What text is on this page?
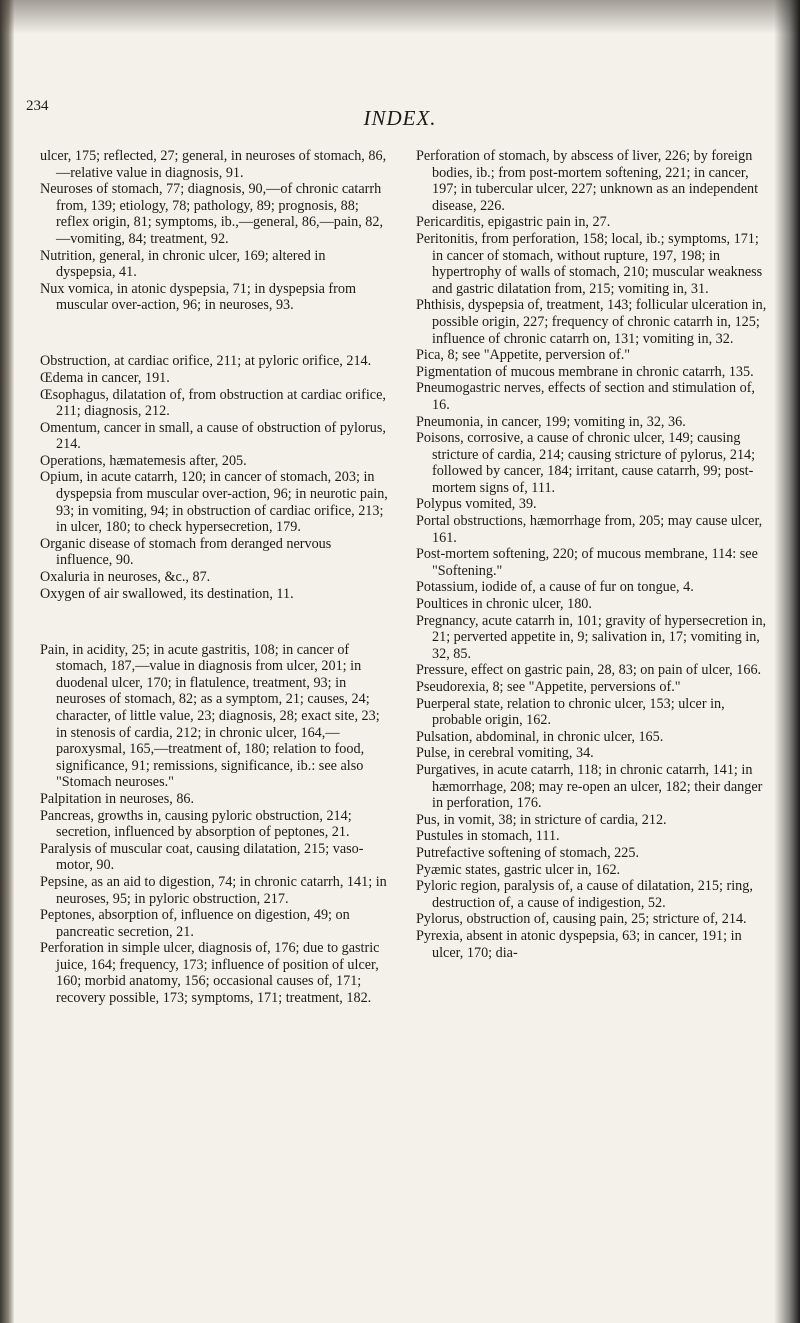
234	INDEX.

ulcer, 175; reflected, 27; general, in neuroses of stomach, 86,—relative value in diagnosis, 91.

Neuroses of stomach, 77; diagnosis, 90,—of chronic catarrh from, 139; etiology, 78; pathology, 89; prognosis, 88; reflex origin, 81; symptoms, ib.,—general, 86,—pain, 82,—vomiting, 84; treatment, 92.

Nutrition, general, in chronic ulcer, 169; altered in dyspepsia, 41.

Nux vomica, in atonic dyspepsia, 71; in dyspepsia from muscular over-action, 96; in neuroses, 93.

Obstruction, at cardiac orifice, 211; at pyloric orifice, 214.

Œdema in cancer, 191.

Œsophagus, dilatation of, from obstruction at cardiac orifice, 211; diagnosis, 212.

Omentum, cancer in small, a cause of obstruction of pylorus, 214.

Operations, hæmatemesis after, 205.

Opium, in acute catarrh, 120; in cancer of stomach, 203; in dyspepsia from muscular over-action, 96; in neurotic pain, 93; in vomiting, 94; in obstruction of cardiac orifice, 213; in ulcer, 180; to check hypersecretion, 179.

Organic disease of stomach from deranged nervous influence, 90.

Oxaluria in neuroses, &c., 87.

Oxygen of air swallowed, its destination, 11.

Pain, in acidity, 25; in acute gastritis, 108; in cancer of stomach, 187,—value in diagnosis from ulcer, 201; in duodenal ulcer, 170; in flatulence, treatment, 93; in neuroses of stomach, 82; as a symptom, 21; causes, 24; character, of little value, 23; diagnosis, 28; exact site, 23; in stenosis of cardia, 212; in chronic ulcer, 164,—paroxysmal, 165,—treatment of, 180; relation to food, significance, 91; remissions, significance, ib.: see also "Stomach neuroses."

Palpitation in neuroses, 86.

Pancreas, growths in, causing pyloric obstruction, 214; secretion, influenced by absorption of peptones, 21.

Paralysis of muscular coat, causing dilatation, 215; vaso-motor, 90.

Pepsine, as an aid to digestion, 74; in chronic catarrh, 141; in neuroses, 95; in pyloric obstruction, 217.

Peptones, absorption of, influence on digestion, 49; on pancreatic secretion, 21.

Perforation in simple ulcer, diagnosis of, 176; due to gastric juice, 164; frequency, 173; influence of position of ulcer, 160; morbid anatomy, 156; occasional causes of, 171; recovery possible, 173; symptoms, 171; treatment, 182.

Perforation of stomach, by abscess of liver, 226; by foreign bodies, ib.; from post-mortem softening, 221; in cancer, 197; in tubercular ulcer, 227; unknown as an independent disease, 226.

Pericarditis, epigastric pain in, 27.

Peritonitis, from perforation, 158; local, ib.; symptoms, 171; in cancer of stomach, without rupture, 197, 198; in hypertrophy of walls of stomach, 210; muscular weakness and gastric dilatation from, 215; vomiting in, 31.

Phthisis, dyspepsia of, treatment, 143; follicular ulceration in, possible origin, 227; frequency of chronic catarrh in, 125; influence of chronic catarrh on, 131; vomiting in, 32.

Pica, 8; see "Appetite, perversion of."

Pigmentation of mucous membrane in chronic catarrh, 135.

Pneumogastric nerves, effects of section and stimulation of, 16.

Pneumonia, in cancer, 199; vomiting in, 32, 36.

Poisons, corrosive, a cause of chronic ulcer, 149; causing stricture of cardia, 214; causing stricture of pylorus, 214; followed by cancer, 184; irritant, cause catarrh, 99; post-mortem signs of, 111.

Polypus vomited, 39.

Portal obstructions, hæmorrhage from, 205; may cause ulcer, 161.

Post-mortem softening, 220; of mucous membrane, 114: see "Softening."

Potassium, iodide of, a cause of fur on tongue, 4.

Poultices in chronic ulcer, 180.

Pregnancy, acute catarrh in, 101; gravity of hypersecretion in, 21; perverted appetite in, 9; salivation in, 17; vomiting in, 32, 85.

Pressure, effect on gastric pain, 28, 83; on pain of ulcer, 166.

Pseudorexia, 8; see "Appetite, perversions of."

Puerperal state, relation to chronic ulcer, 153; ulcer in, probable origin, 162.

Pulsation, abdominal, in chronic ulcer, 165.

Pulse, in cerebral vomiting, 34.

Purgatives, in acute catarrh, 118; in chronic catarrh, 141; in hæmorrhage, 208; may re-open an ulcer, 182; their danger in perforation, 176.

Pus, in vomit, 38; in stricture of cardia, 212.

Pustules in stomach, 111.

Putrefactive softening of stomach, 225.

Pyæmic states, gastric ulcer in, 162.

Pyloric region, paralysis of, a cause of dilatation, 215; ring, destruction of, a cause of indigestion, 52.

Pylorus, obstruction of, causing pain, 25; stricture of, 214.

Pyrexia, absent in atonic dyspepsia, 63; in cancer, 191; in ulcer, 170; dia-
